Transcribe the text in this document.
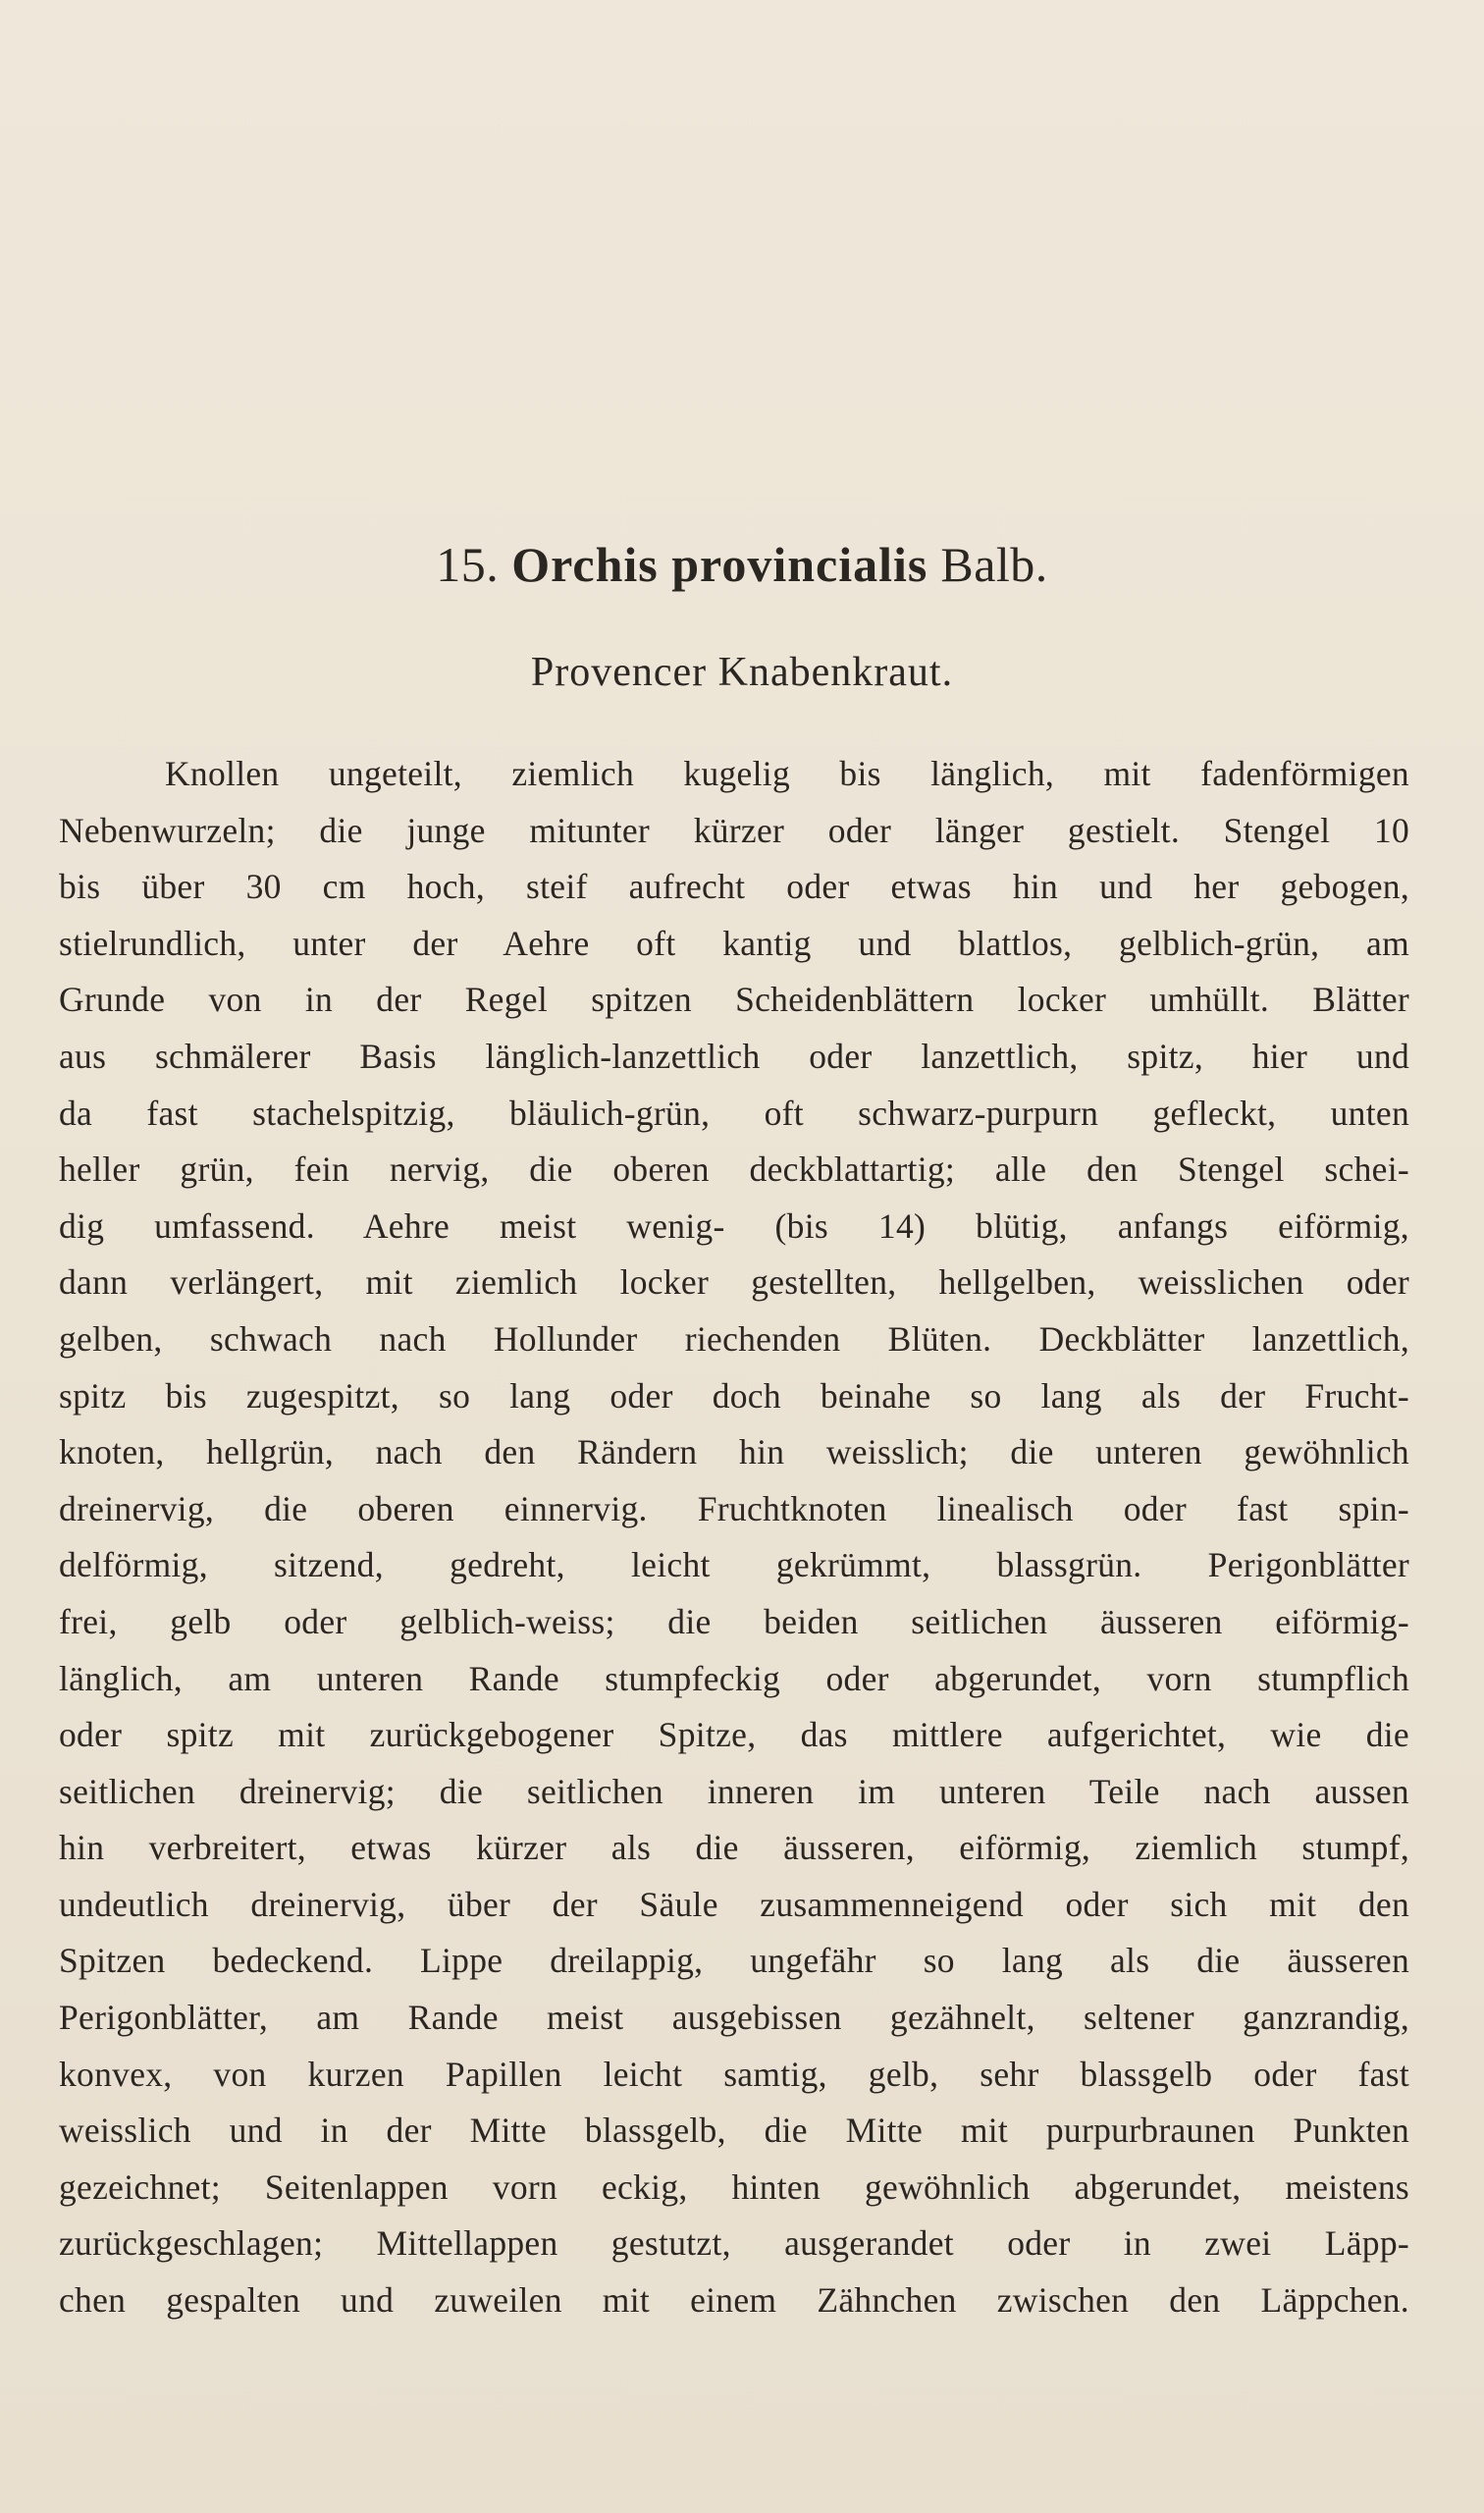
15. Orchis provincialis Balb.
Provencer Knabenkraut.
Knollen ungeteilt, ziemlich kugelig bis länglich, mit fadenförmigen
Nebenwurzeln; die junge mitunter kürzer oder länger gestielt. Stengel 10
bis über 30 cm hoch, steif aufrecht oder etwas hin und her gebogen,
stielrundlich, unter der Aehre oft kantig und blattlos, gelblich-grün, am
Grunde von in der Regel spitzen Scheidenblättern locker umhüllt. Blätter
aus schmälerer Basis länglich-lanzettlich oder lanzettlich, spitz, hier und
da fast stachelspitzig, bläulich-grün, oft schwarz-purpurn gefleckt, unten
heller grün, fein nervig, die oberen deckblattartig; alle den Stengel schei-
dig umfassend. Aehre meist wenig- (bis 14) blütig, anfangs eiförmig,
dann verlängert, mit ziemlich locker gestellten, hellgelben, weisslichen oder
gelben, schwach nach Hollunder riechenden Blüten. Deckblätter lanzettlich,
spitz bis zugespitzt, so lang oder doch beinahe so lang als der Frucht-
knoten, hellgrün, nach den Rändern hin weisslich; die unteren gewöhnlich
dreinervig, die oberen einnervig. Fruchtknoten linealisch oder fast spin-
delförmig, sitzend, gedreht, leicht gekrümmt, blassgrün. Perigonblätter
frei, gelb oder gelblich-weiss; die beiden seitlichen äusseren eiförmig-
länglich, am unteren Rande stumpfeckig oder abgerundet, vorn stumpflich
oder spitz mit zurückgebogener Spitze, das mittlere aufgerichtet, wie die
seitlichen dreinervig; die seitlichen inneren im unteren Teile nach aussen
hin verbreitert, etwas kürzer als die äusseren, eiförmig, ziemlich stumpf,
undeutlich dreinervig, über der Säule zusammenneigend oder sich mit den
Spitzen bedeckend. Lippe dreilappig, ungefähr so lang als die äusseren
Perigonblätter, am Rande meist ausgebissen gezähnelt, seltener ganzrandig,
konvex, von kurzen Papillen leicht samtig, gelb, sehr blassgelb oder fast
weisslich und in der Mitte blassgelb, die Mitte mit purpurbraunen Punkten
gezeichnet; Seitenlappen vorn eckig, hinten gewöhnlich abgerundet, meistens
zurückgeschlagen; Mittellappen gestutzt, ausgerandet oder in zwei Läpp-
chen gespalten und zuweilen mit einem Zähnchen zwischen den Läppchen.
